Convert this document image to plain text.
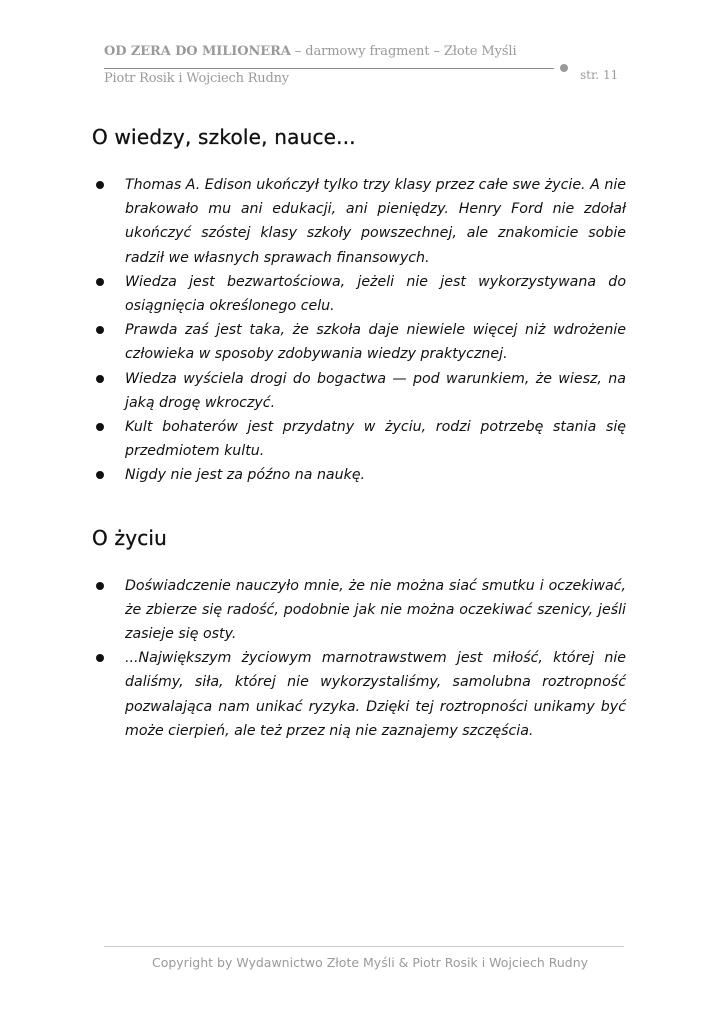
OD ZERA DO MILIONERA – darmowy fragment – Złote Myśli
str. 11
Piotr Rosik i Wojciech Rudny
O wiedzy, szkole, nauce...
Thomas A. Edison ukończył tylko trzy klasy przez całe swe życie. A nie brakowało mu ani edukacji, ani pieniędzy. Henry Ford nie zdołał ukończyć szóstej klasy szkoły powszechnej, ale znakomicie sobie radził we własnych sprawach finansowych.
Wiedza jest bezwartościowa, jeżeli nie jest wykorzystywana do osiągnięcia określonego celu.
Prawda zaś jest taka, że szkoła daje niewiele więcej niż wdrożenie człowieka w sposoby zdobywania wiedzy praktycznej.
Wiedza wyściela drogi do bogactwa — pod warunkiem, że wiesz, na jaką drogę wkroczyć.
Kult bohaterów jest przydatny w życiu, rodzi potrzebę stania się przedmiotem kultu.
Nigdy nie jest za późno na naukę.
O życiu
Doświadczenie nauczyło mnie, że nie można siać smutku i oczekiwać, że zbierze się radość, podobnie jak nie można oczekiwać szenicy, jeśli zasieje się osty.
...Największym życiowym marnotrawstwem jest miłość, której nie daliśmy, siła, której nie wykorzystaliśmy, samolubna roztropność pozwalająca nam unikać ryzyka. Dzięki tej roztropności unikamy być może cierpień, ale też przez nią nie zaznajemy szczęścia.
Copyright by Wydawnictwo Złote Myśli & Piotr Rosik i Wojciech Rudny
